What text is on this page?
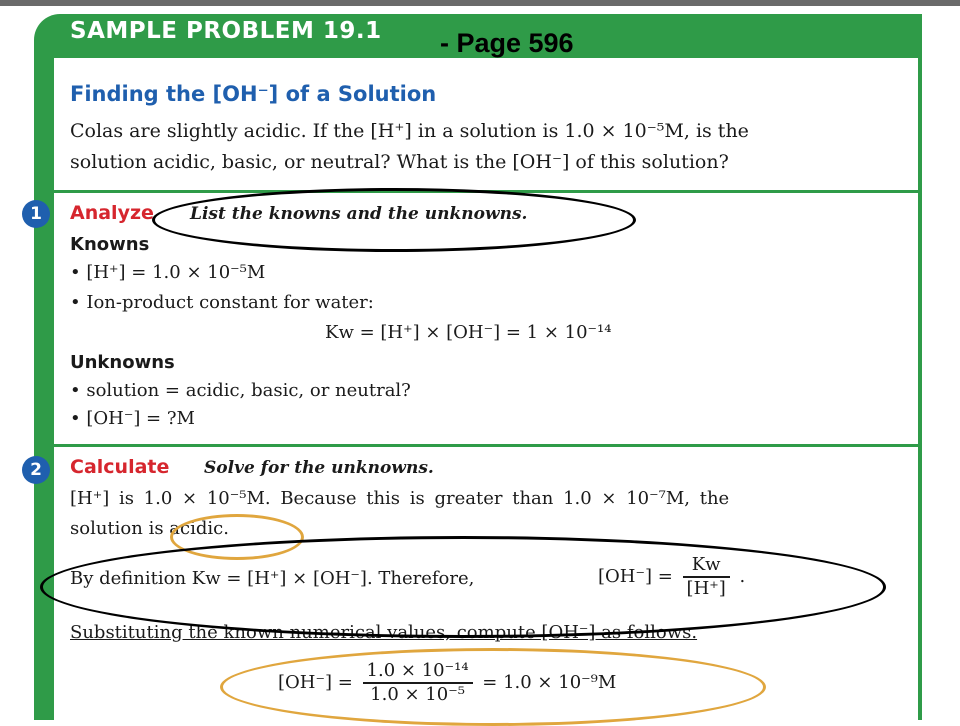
SAMPLE PROBLEM 19.1 - Page 596
Finding the [OH⁻] of a Solution
Colas are slightly acidic. If the [H⁺] in a solution is 1.0 × 10⁻⁵M, is the
solution acidic, basic, or neutral? What is the [OH⁻] of this solution?
1	Analyze List the knowns and the unknowns.
Knowns
• [H⁺] = 1.0 × 10⁻⁵M
• Ion-product constant for water:
Kw = [H⁺] × [OH⁻] = 1 × 10⁻¹⁴
Unknowns
• solution = acidic, basic, or neutral?
• [OH⁻] = ?M
2	Calculate Solve for the unknowns.
[H⁺] is 1.0 × 10⁻⁵M. Because this is greater than 1.0 × 10⁻⁷M, the
solution is acidic.
By definition Kw = [H⁺] × [OH⁻]. Therefore,	$[OH^-] = \frac{Kw}{[H^+]}$ .
Substituting the known numerical values, compute [OH⁻] as follows.
$[OH^-] = \frac{\text{1.0 × 10⁻¹⁴}}{\text{1.0 × 10⁻⁵}} = 1.0 \times 10^{-9}M$
